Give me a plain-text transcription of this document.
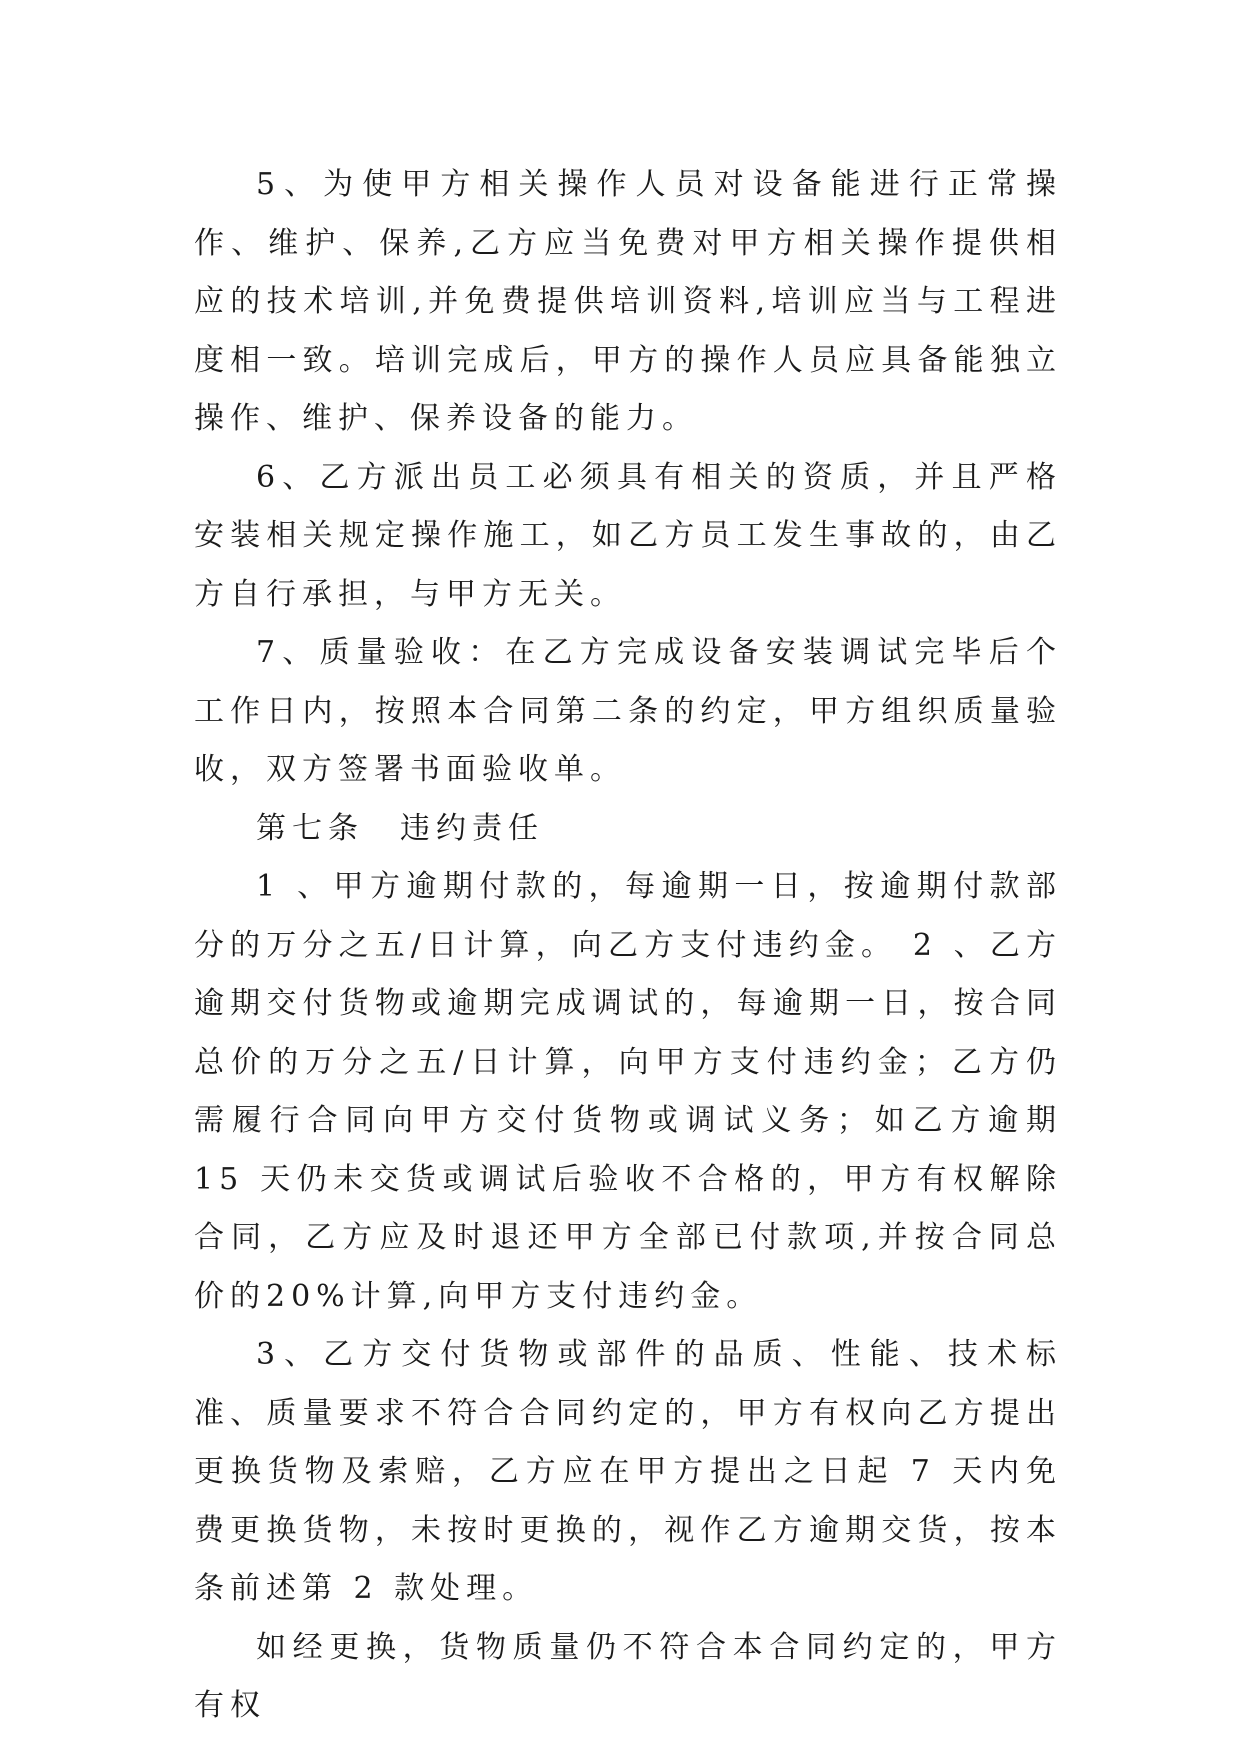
5、为使甲方相关操作人员对设备能进行正常操作、维护、保养,乙方应当免费对甲方相关操作提供相应的技术培训,并免费提供培训资料,培训应当与工程进度相一致。培训完成后，甲方的操作人员应具备能独立操作、维护、保养设备的能力。

6、乙方派出员工必须具有相关的资质，并且严格安装相关规定操作施工，如乙方员工发生事故的，由乙方自行承担，与甲方无关。

7、质量验收：在乙方完成设备安装调试完毕后个工作日内，按照本合同第二条的约定，甲方组织质量验收，双方签署书面验收单。

第七条　违约责任

1 、甲方逾期付款的，每逾期一日，按逾期付款部分的万分之五/日计算，向乙方支付违约金。 2 、乙方逾期交付货物或逾期完成调试的，每逾期一日，按合同总价的万分之五/日计算，向甲方支付违约金；乙方仍需履行合同向甲方交付货物或调试义务；如乙方逾期 15 天仍未交货或调试后验收不合格的，甲方有权解除合同，乙方应及时退还甲方全部已付款项,并按合同总价的20%计算,向甲方支付违约金。

3、乙方交付货物或部件的品质、性能、技术标准、质量要求不符合合同约定的，甲方有权向乙方提出更换货物及索赔，乙方应在甲方提出之日起 7 天内免费更换货物，未按时更换的，视作乙方逾期交货，按本条前述第 2 款处理。

如经更换，货物质量仍不符合本合同约定的，甲方有权
